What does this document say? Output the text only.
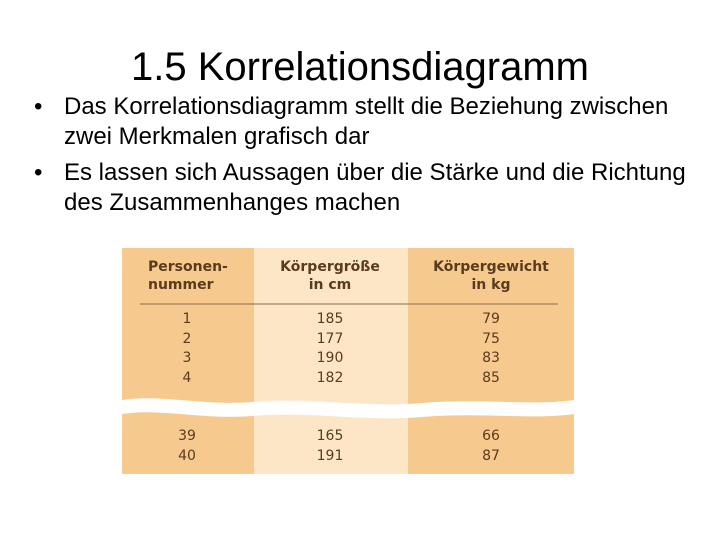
1.5 Korrelationsdiagramm
• Das Korrelationsdiagramm stellt die Beziehung zwischen zwei Merkmalen grafisch dar
• Es lassen sich Aussagen über die Stärke und die Richtung des Zusammenhanges machen
Personen-
nummer
Körpergröße
in cm
Körpergewicht
in kg
1
2
3
4
185
177
190
182
79
75
83
85
39
40
165
191
66
87
